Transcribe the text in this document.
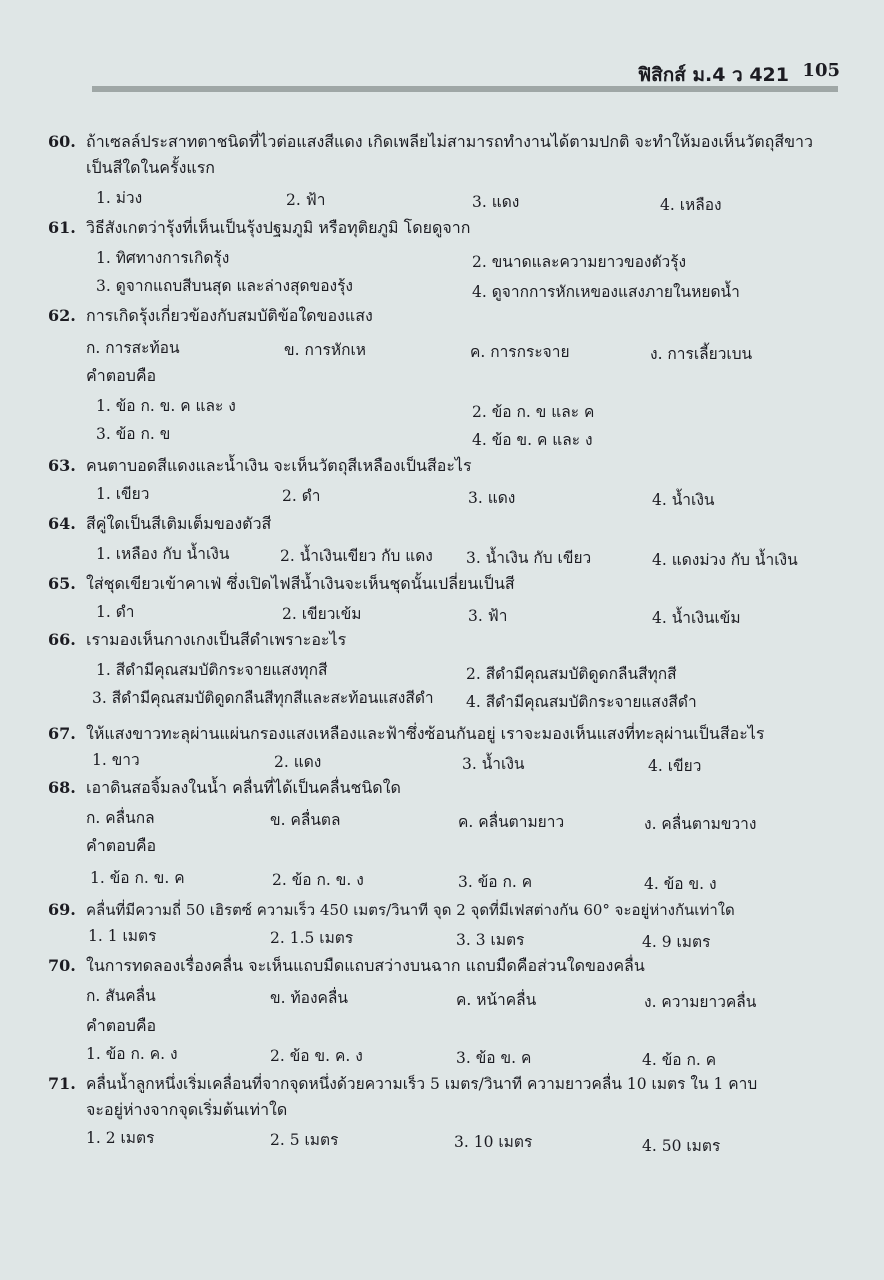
ฟิสิกส์ ม.4 ว 421 105
60. ถ้าเซลล์ประสาทตาชนิดที่ไวต่อแสงสีแดง เกิดเพลียไม่สามารถทำงานได้ตามปกติ จะทำให้มองเห็นวัตถุสีขาว
เป็นสีใดในครั้งแรก
1. ม่วง	2. ฟ้า	3. แดง	4. เหลือง
61. วิธีสังเกตว่ารุ้งที่เห็นเป็นรุ้งปฐมภูมิ หรือทุติยภูมิ โดยดูจาก
1. ทิศทางการเกิดรุ้ง	2. ขนาดและความยาวของตัวรุ้ง
3. ดูจากแถบสีบนสุด และล่างสุดของรุ้ง	4. ดูจากการหักเหของแสงภายในหยดน้ำ
62. การเกิดรุ้งเกี่ยวข้องกับสมบัติข้อใดของแสง
ก. การสะท้อน	ข. การหักเห	ค. การกระจาย	ง. การเลี้ยวเบน
คำตอบคือ
1. ข้อ ก. ข. ค และ ง	2. ข้อ ก. ข และ ค
3. ข้อ ก. ข	4. ข้อ ข. ค และ ง
63. คนตาบอดสีแดงและน้ำเงิน จะเห็นวัตถุสีเหลืองเป็นสีอะไร
1. เขียว	2. ดำ	3. แดง	4. น้ำเงิน
64. สีคู่ใดเป็นสีเติมเต็มของตัวสี
1. เหลือง กับ น้ำเงิน	2. น้ำเงินเขียว กับ แดง 3. น้ำเงิน กับ เขียว	4. แดงม่วง กับ น้ำเงิน
65. ใส่ชุดเขียวเข้าคาเฟ่ ซึ่งเปิดไฟสีน้ำเงินจะเห็นชุดนั้นเปลี่ยนเป็นสี
1. ดำ	2. เขียวเข้ม	3. ฟ้า	4. น้ำเงินเข้ม
66. เรามองเห็นกางเกงเป็นสีดำเพราะอะไร
1. สีดำมีคุณสมบัติกระจายแสงทุกสี	2. สีดำมีคุณสมบัติดูดกลืนสีทุกสี
3. สีดำมีคุณสมบัติดูดกลืนสีทุกสีและสะท้อนแสงสีดำ 4. สีดำมีคุณสมบัติกระจายแสงสีดำ
67. ให้แสงขาวทะลุผ่านแผ่นกรองแสงเหลืองและฟ้าซึ่งซ้อนกันอยู่ เราจะมองเห็นแสงที่ทะลุผ่านเป็นสีอะไร
1. ขาว	2. แดง	3. น้ำเงิน	4. เขียว
68. เอาดินสอจิ้มลงในน้ำ คลื่นที่ได้เป็นคลื่นชนิดใด
ก. คลื่นกล	ข. คลื่นตล	ค. คลื่นตามยาว	ง. คลื่นตามขวาง
คำตอบคือ
1. ข้อ ก. ข. ค	2. ข้อ ก. ข. ง	3. ข้อ ก. ค	4. ข้อ ข. ง
69. คลื่นที่มีความถี่ 50 เฮิรตซ์ ความเร็ว 450 เมตร/วินาที จุด 2 จุดที่มีเฟสต่างกัน 60° จะอยู่ห่างกันเท่าใด
1. 1 เมตร	2. 1.5 เมตร	3. 3 เมตร	4. 9 เมตร
70. ในการทดลองเรื่องคลื่น จะเห็นแถบมืดแถบสว่างบนฉาก แถบมืดคือส่วนใดของคลื่น
ก. สันคลื่น	ข. ท้องคลื่น	ค. หน้าคลื่น	ง. ความยาวคลื่น
คำตอบคือ
1. ข้อ ก. ค. ง	2. ข้อ ข. ค. ง	3. ข้อ ข. ค	4. ข้อ ก. ค
71. คลื่นน้ำลูกหนึ่งเริ่มเคลื่อนที่จากจุดหนึ่งด้วยความเร็ว 5 เมตร/วินาที ความยาวคลื่น 10 เมตร ใน 1 คาบ
จะอยู่ห่างจากจุดเริ่มต้นเท่าใด
1. 2 เมตร	2. 5 เมตร	3. 10 เมตร	4. 50 เมตร
